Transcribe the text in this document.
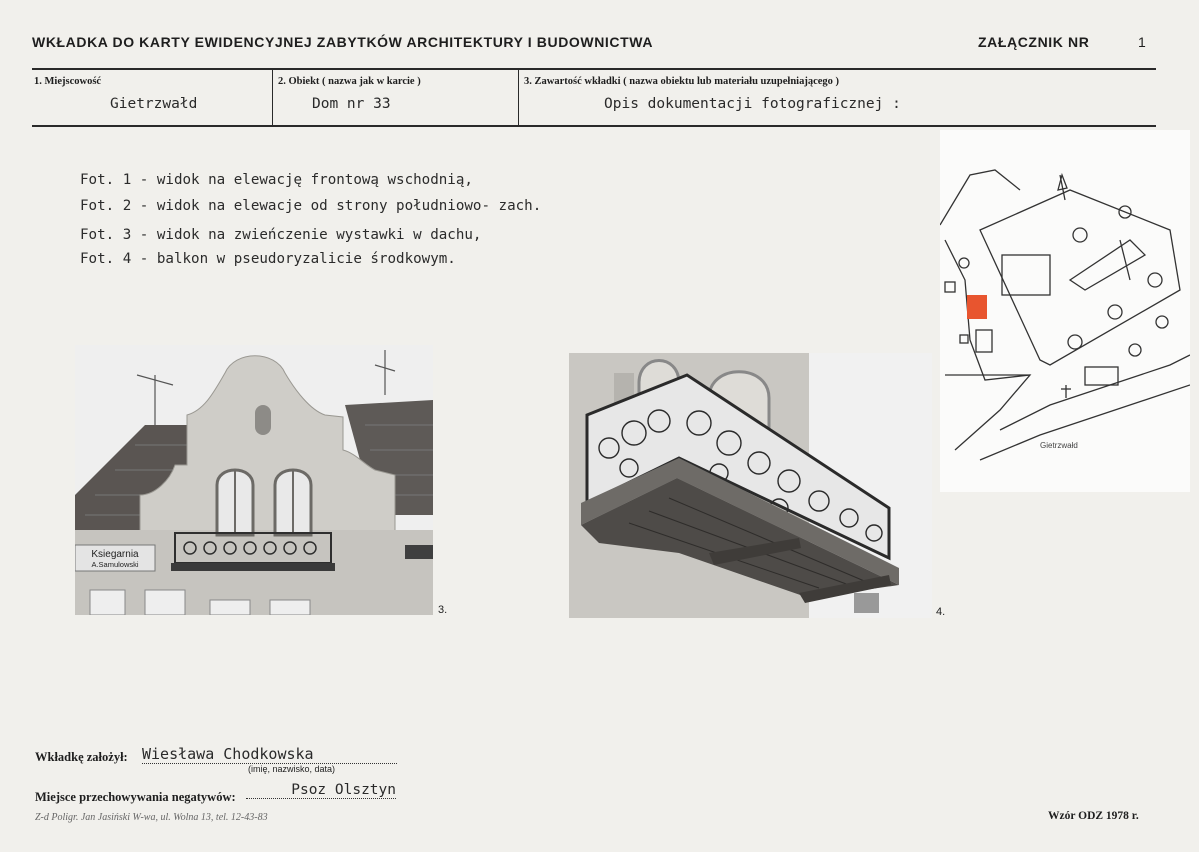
WKŁADKA DO KARTY EWIDENCYJNEJ ZABYTKÓW ARCHITEKTURY I BUDOWNICTWA	ZAŁĄCZNIK NR	1
1. Miejscowość	2. Obiekt ( nazwa jak w karcie )	3. Zawartość wkładki ( nazwa obiektu lub materiału uzupełniającego )
Gietrzwałd	Dom nr 33	Opis dokumentacji fotograficznej :
Fot. 1 - widok na elewację frontową wschodnią,
Fot. 2 - widok na elewacje od strony południowo- zach.
Fot. 3 - widok na zwieńczenie wystawki w dachu,
Fot. 4 - balkon w pseudoryzalicie środkowym.
Ksiegarnia
A.Samulowski
3.	4.
Gietrzwałd
Wkładkę założył: Wiesława Chodkowska
(imię, nazwisko, data)
Miejsce przechowywania negatywów:	Psoz Olsztyn
Z-d Poligr. Jan Jasiński W-wa, ul. Wolna 13, tel. 12-43-83	Wzór ODZ 1978 r.
